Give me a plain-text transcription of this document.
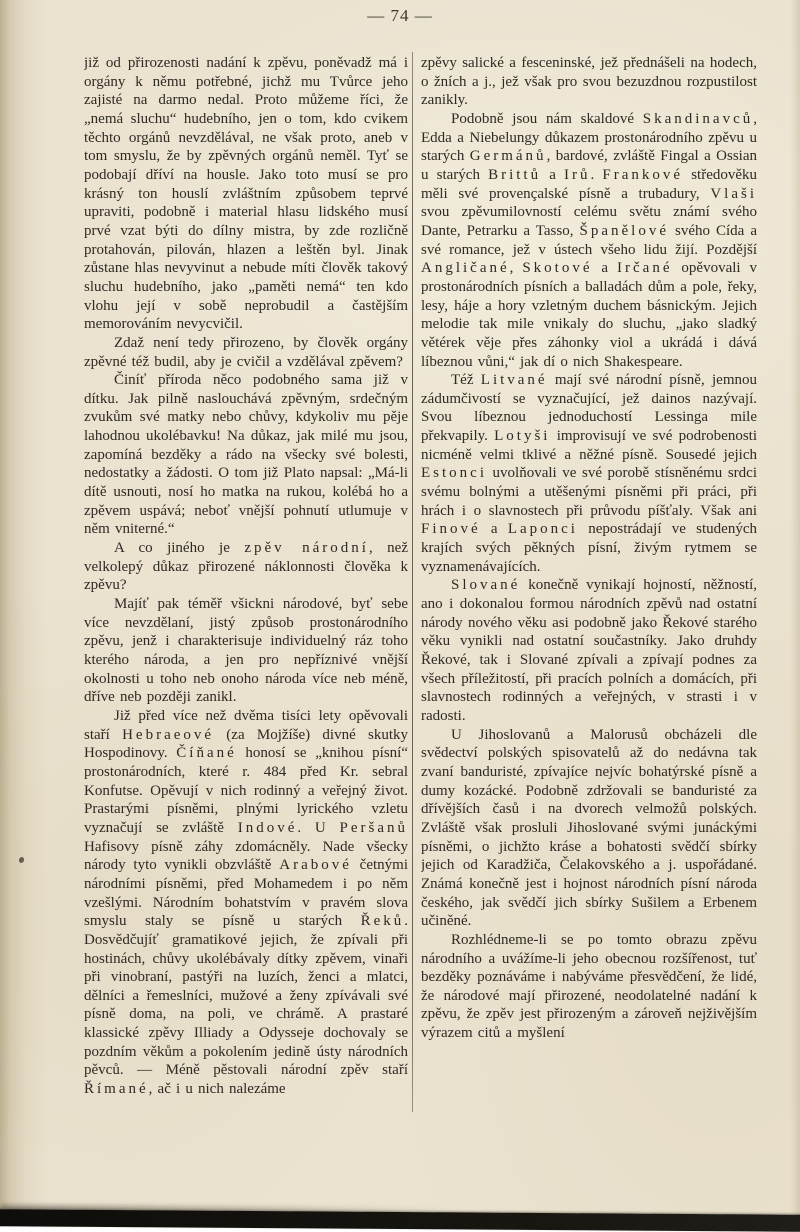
— 74 —

již od přirozenosti nadání k zpěvu, poněvadž má i orgány k němu potřebné, jichž mu Tvůrce jeho zajisté na darmo nedal. Proto můžeme říci, že „nemá sluchu“ hudebního, jen o tom, kdo cvikem těchto orgánů nevzdělával, ne však proto, aneb v tom smyslu, že by zpěvných orgánů neměl. Tyť se podobají dříví na housle. Jako toto musí se pro krásný ton houslí zvláštním způsobem teprvé upraviti, podobně i material hlasu lidského musí prvé vzat býti do dílny mistra, by zde rozličně protahován, pilován, hlazen a leštěn byl. Jinak zůstane hlas nevyvinut a nebude míti člověk takový sluchu hudebního, jako „paměti nemá“ ten kdo vlohu její v sobě neprobudil a častějším memorováním nevycvičil.

Zdaž není tedy přirozeno, by člověk orgány zpěvné též budil, aby je cvičil a vzdělával zpěvem?

Činíť příroda něco podobného sama již v dítku. Jak pilně naslouchává zpěvným, srdečným zvukům své matky nebo chůvy, kdykoliv mu pěje lahodnou ukolébavku! Na důkaz, jak milé mu jsou, zapomíná bezděky a rádo na všecky své bolesti, nedostatky a žádosti. O tom již Plato napsal: „Má-li dítě usnouti, nosí ho matka na rukou, kolébá ho a zpěvem uspává; neboť vnější pohnutí utlumuje v něm vniterné.“

A co jiného je zpěv národní, než velkolepý důkaz přirozené náklonnosti člověka k zpěvu?

Majíť pak téměř všickni národové, byť sebe více nevzdělaní, jistý způsob prostonárodního zpěvu, jenž i charakterisuje individuelný ráz toho kterého národa, a jen pro nepříznivé vnější okolnosti u toho neb onoho národa více neb méně, dříve neb později zanikl.

Již před více než dvěma tisíci lety opěvovali staří Hebraeové (za Mojžíše) divné skutky Hospodinovy. Číňané honosí se „knihou písní“ prostonárodních, které r. 484 před Kr. sebral Konfutse. Opěvují v nich rodinný a veřejný život. Prastarými písněmi, plnými lyrického vzletu vyznačují se zvláště Indové. U Peršanů Hafisovy písně záhy zdomácněly. Nade všecky národy tyto vynikli obzvláště Arabové četnými národními písněmi, před Mohamedem i po něm vzešlými. Národním bohatstvím v pravém slova smyslu staly se písně u starých Řeků. Dosvědčujíť gramatikové jejich, že zpívali při hostinách, chůvy ukolébávaly dítky zpěvem, vinaři při vinobraní, pastýři na luzích, ženci a mlatci, dělníci a řemeslníci, mužové a ženy zpívávali své písně doma, na poli, ve chrámě. A prastaré klassické zpěvy Illiady a Odysseje dochovaly se pozdním věkům a pokolením jedině ústy národních pěvců. — Méně pěstovali národní zpěv staří Římané, ač i u nich nalezáme

zpěvy salické a fesceninské, jež přednášeli na hodech, o žních a j., jež však pro svou bezuzdnou rozpustilost zanikly.

Podobně jsou nám skaldové Skandinavců, Edda a Niebelungy důkazem prostonárodního zpěvu u starých Germánů, bardové, zvláště Fingal a Ossian u starých Brittů a Irů. Frankové středověku měli své provençalské písně a trubadury, Vlaši svou zpěvumilovností celému světu známí svého Dante, Petrarku a Tasso, Španělové svého Cída a své romance, jež v ústech všeho lidu žijí. Pozdější Angličané, Skotové a Irčané opěvovali v prostonárodních písních a balladách dům a pole, řeky, lesy, háje a hory vzletným duchem básnickým. Jejich melodie tak mile vnikaly do sluchu, „jako sladký větérek věje přes záhonky viol a ukrádá i dává líbeznou vůni,“ jak dí o nich Shakespeare.

Též Litvané mají své národní písně, jemnou zádumčivostí se vyznačující, jež dainos nazývají. Svou líbeznou jednoduchostí Lessinga mile překvapily. Lotyši improvisují ve své podrobenosti nicméně velmi tklivé a něžné písně. Sousedé jejich Estonci uvolňovali ve své porobě stísněnému srdci svému bolnými a utěšenými písněmi při práci, při hrách i o slavnostech při průvodu píšťaly. Však ani Finové a Laponci nepostrádají ve studených krajích svých pěkných písní, živým rytmem se vyznamenávajících.

Slované konečně vynikají hojností, něžností, ano i dokonalou formou národních zpěvů nad ostatní národy nového věku asi podobně jako Řekové starého věku vynikli nad ostatní součastníky. Jako druhdy Řekové, tak i Slované zpívali a zpívají podnes za všech příležitostí, při pracích polních a domácích, při slavnostech rodinných a veřejných, v strasti i v radosti.

U Jihoslovanů a Malorusů obcházeli dle svědectví polských spisovatelů až do nedávna tak zvaní banduristé, zpívajíce nejvíc bohatýrské písně a dumy kozácké. Podobně zdržovali se banduristé za dřívějších časů i na dvorech velmožů polských. Zvláště však prosluli Jihoslované svými junáckými písněmi, o jichžto kráse a bohatosti svědčí sbírky jejich od Karadžiča, Čelakovského a j. uspořádané. Známá konečně jest i hojnost národních písní národa českého, jak svědčí jich sbírky Sušilem a Erbenem učiněné.

Rozhlédneme-li se po tomto obrazu zpěvu národního a uvážíme-li jeho obecnou rozšířenost, tuť bezděky poznáváme i nabýváme přesvědčení, že lidé, že národové mají přirozené, neodolatelné nadání k zpěvu, že zpěv jest přirozeným a zároveň nejživějším výrazem citů a myšlení
